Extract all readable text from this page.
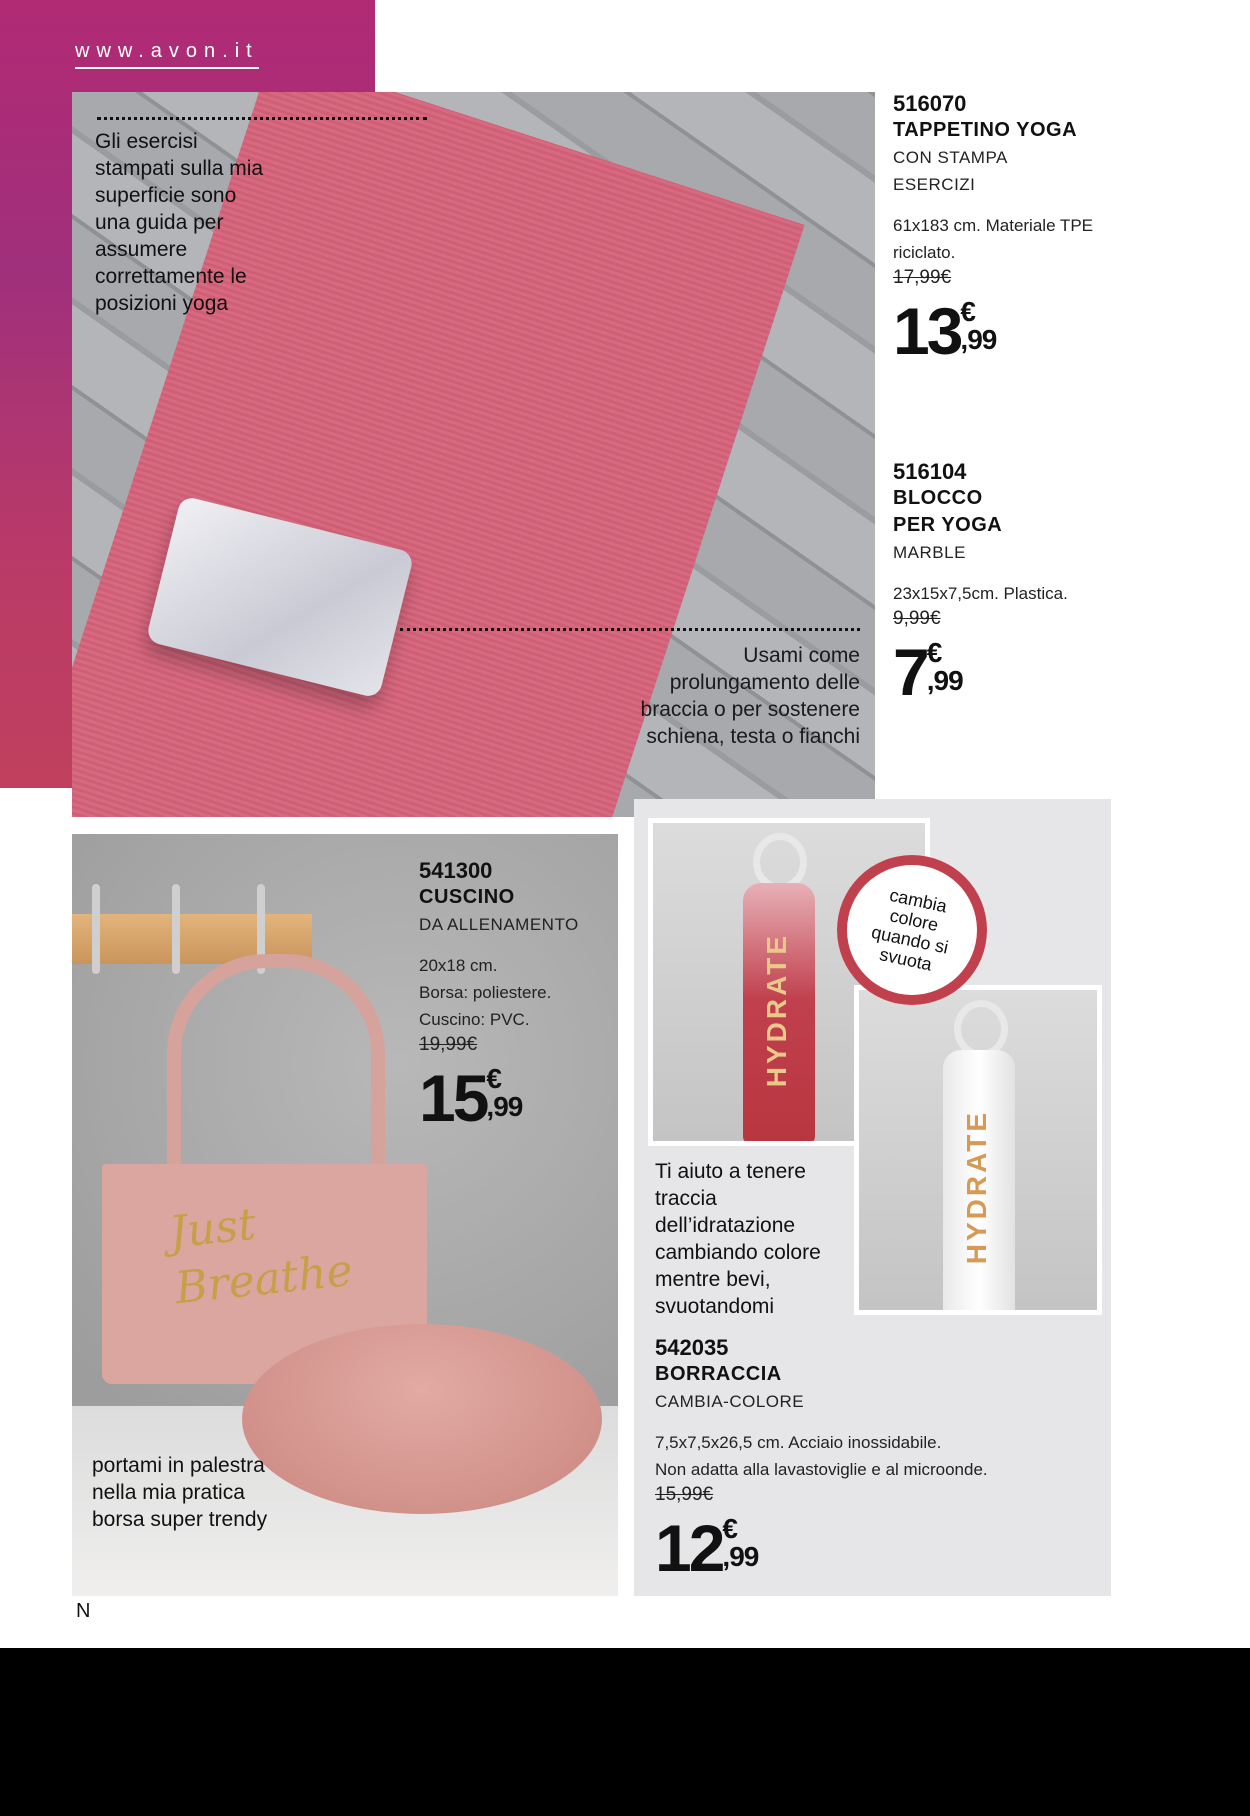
www.avon.it
Gli esercisi stampati sulla mia superficie sono una guida per assumere correttamente le posizioni yoga
Usami come prolungamento delle braccia o per sostenere schiena, testa o fianchi
516070
TAPPETINO YOGA
CON STAMPA ESERCIZI
61x183 cm. Materiale TPE riciclato.
17,99€
13 €
,99
516104
BLOCCO
PER YOGA
MARBLE
23x15x7,5cm. Plastica.
9,99€
7 €
,99
Just Breathe
portami in palestra nella mia pratica borsa super trendy
541300
CUSCINO
DA ALLENAMENTO
20x18 cm.
Borsa: poliestere.
Cuscino: PVC.
19,99€
15 €
,99
HYDRATE
HYDRATE
cambia colore quando si svuota
Ti aiuto a tenere traccia dell’idratazione cambiando colore mentre bevi, svuotandomi
542035
BORRACCIA
CAMBIA-COLORE
7,5x7,5x26,5 cm. Acciaio inossidabile.
Non adatta alla lavastoviglie e al microonde.
15,99€
12 €
,99
N
